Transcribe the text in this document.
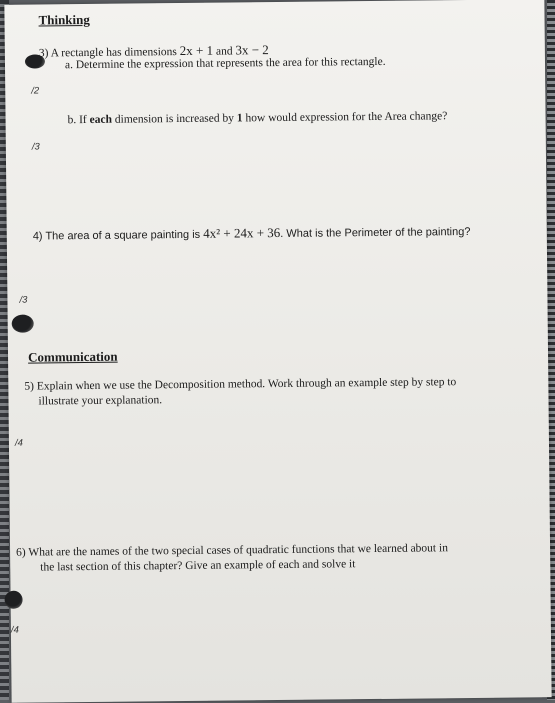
Thinking
3) A rectangle has dimensions 2x + 1 and 3x − 2
a. Determine the expression that represents the area for this rectangle.
/2
b. If each dimension is increased by 1 how would expression for the Area change?
/3
4) The area of a square painting is 4x² + 24x + 36. What is the Perimeter of the painting?
/3
Communication
5) Explain when we use the Decomposition method. Work through an example step by step to
illustrate your explanation.
/4
6) What are the names of the two special cases of quadratic functions that we learned about in
the last section of this chapter? Give an example of each and solve it
/4
